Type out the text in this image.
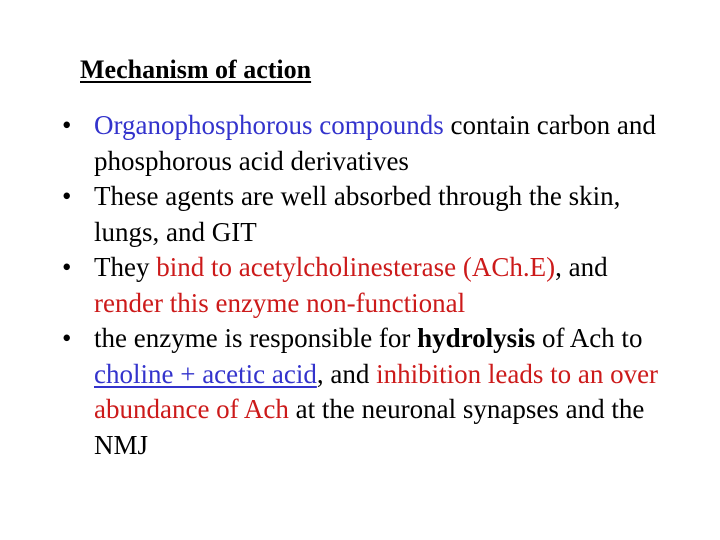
Mechanism of action
• Organophosphorous compounds contain carbon and phosphorous acid derivatives
• These agents are well absorbed through the skin, lungs, and GIT
• They bind to acetylcholinesterase (ACh.E), and render this enzyme non-functional
• the enzyme is responsible for hydrolysis of Ach to choline + acetic acid, and inhibition leads to an over abundance of Ach at the neuronal synapses and the NMJ
